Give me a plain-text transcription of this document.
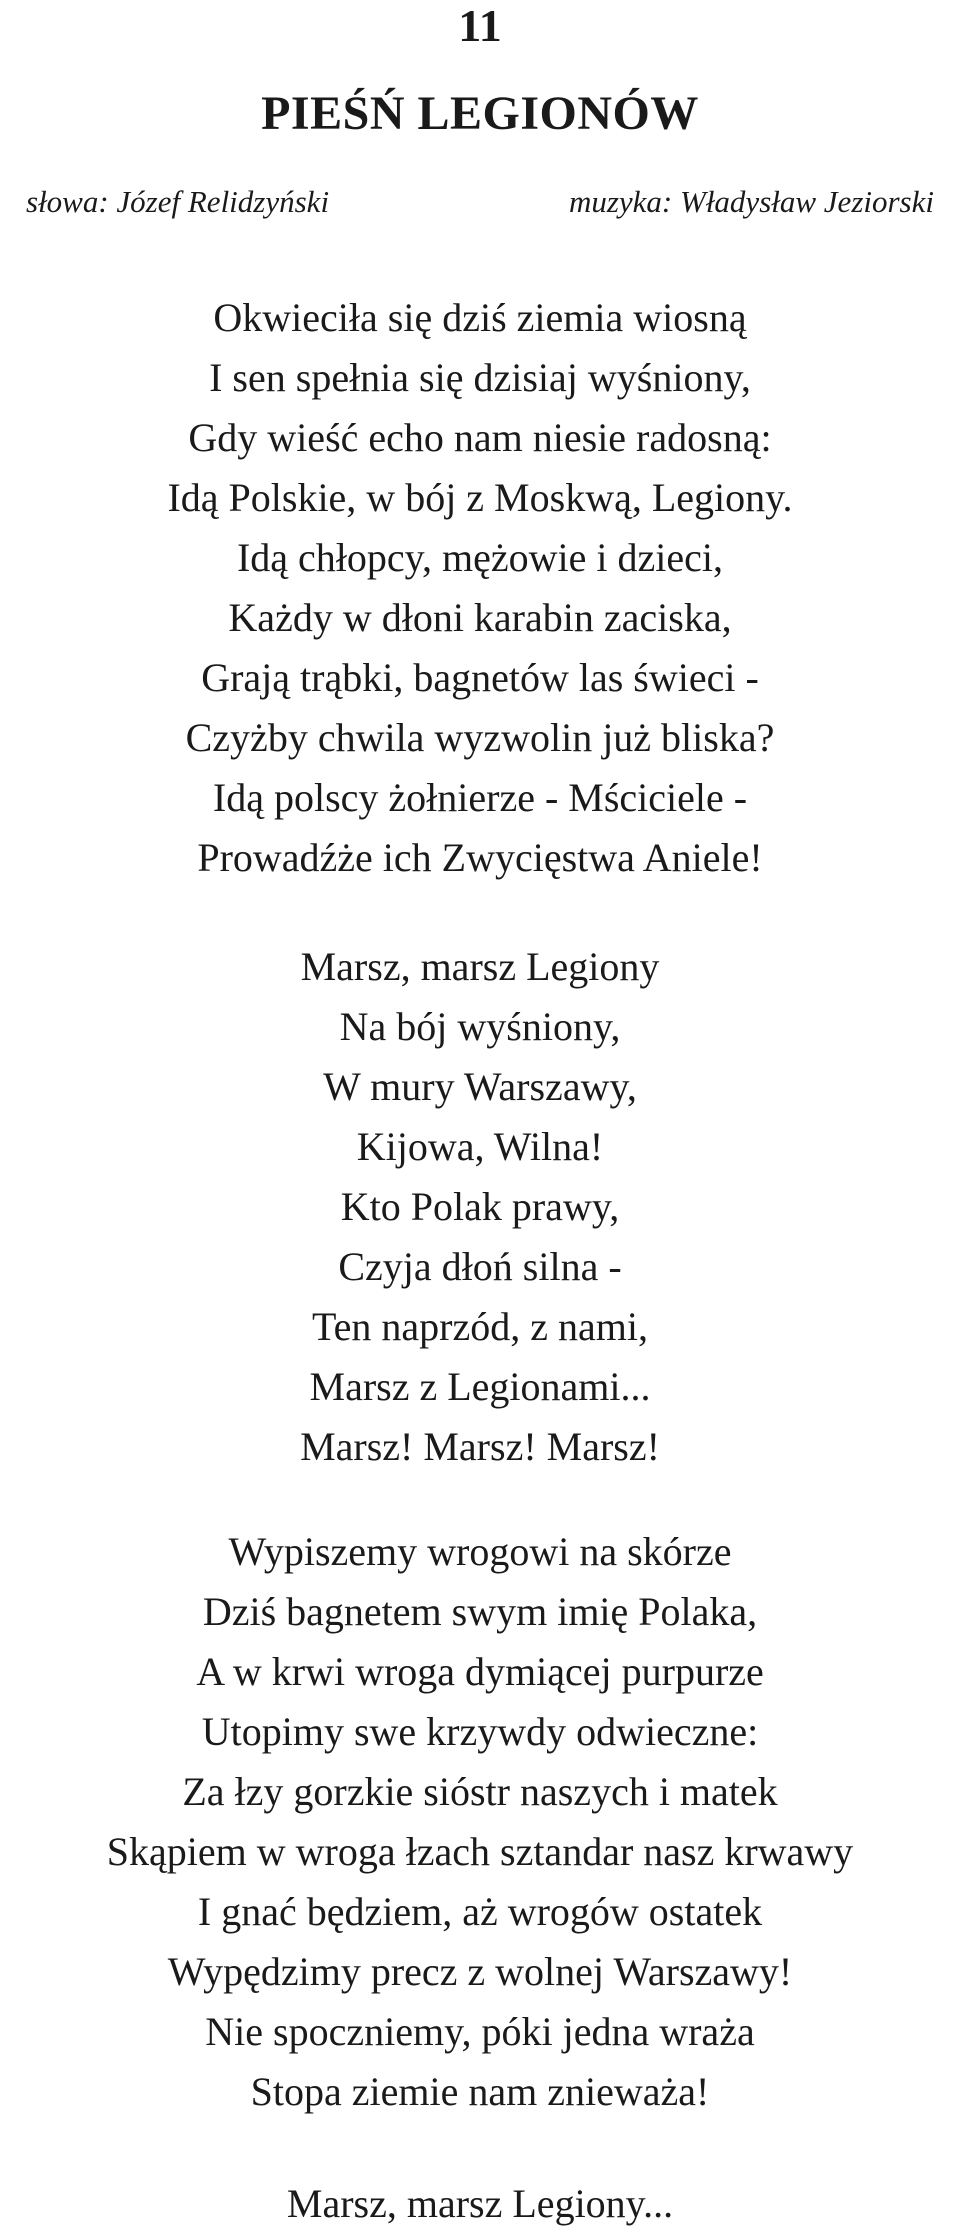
11
PIEŚŃ LEGIONÓW
słowa: Józef Relidzyński	muzyka: Władysław Jeziorski
Okwieciła się dziś ziemia wiosną
I sen spełnia się dzisiaj wyśniony,
Gdy wieść echo nam niesie radosną:
Idą Polskie, w bój z Moskwą, Legiony.
Idą chłopcy, mężowie i dzieci,
Każdy w dłoni karabin zaciska,
Grają trąbki, bagnetów las świeci -
Czyżby chwila wyzwolin już bliska?
Idą polscy żołnierze - Mściciele -
Prowadźże ich Zwycięstwa Aniele!
Marsz, marsz Legiony
Na bój wyśniony,
W mury Warszawy,
Kijowa, Wilna!
Kto Polak prawy,
Czyja dłoń silna -
Ten naprzód, z nami,
Marsz z Legionami...
Marsz! Marsz! Marsz!
Wypiszemy wrogowi na skórze
Dziś bagnetem swym imię Polaka,
A w krwi wroga dymiącej purpurze
Utopimy swe krzywdy odwieczne:
Za łzy gorzkie sióstr naszych i matek
Skąpiem w wroga łzach sztandar nasz krwawy
I gnać będziem, aż wrogów ostatek
Wypędzimy precz z wolnej Warszawy!
Nie spoczniemy, póki jedna wraża
Stopa ziemie nam znieważa!
Marsz, marsz Legiony...
